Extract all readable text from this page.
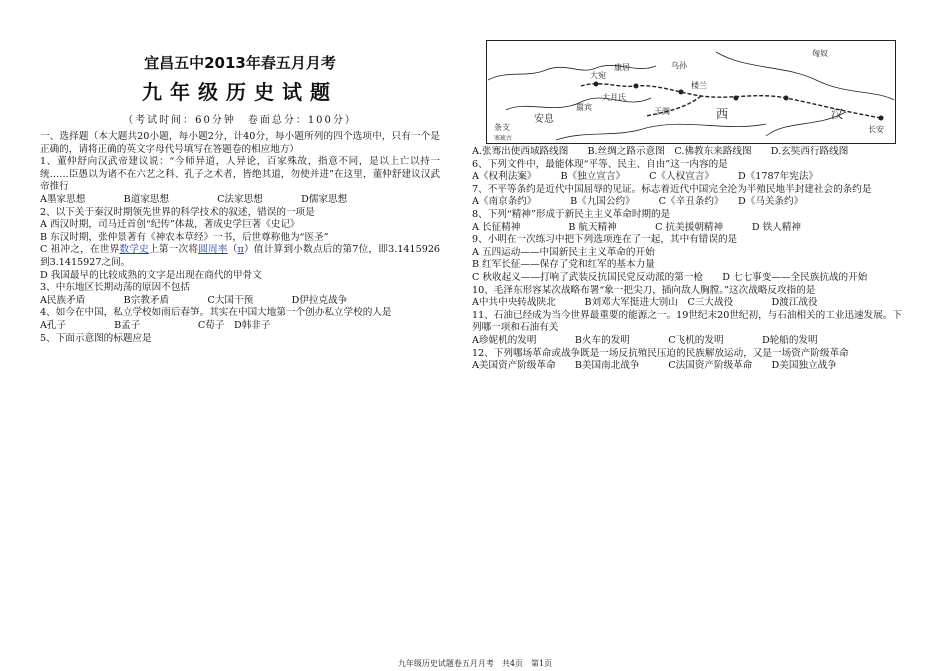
宜昌五中2013年春五月月考
九年级历史试题
（考试时间：60分钟　卷面总分：100分）

一、选择题（本大题共20小题，每小题2分，计40分，每小题所列的四个选项中，只有一个是正确的，请将正确的英文字母代号填写在答题卷的相应地方）

1、董仲舒向汉武帝建议说：“今师异道，人异论，百家殊故，指意不同，是以上亡以持一统……臣愚以为诸不在六艺之科、孔子之术者，皆绝其道，勿使并进”在这里，董仲舒建议汉武帝推行

A墨家思想　　　　B道家思想　　　　　C法家思想　　　　D儒家思想

2、以下关于秦汉时期领先世界的科学技术的叙述，错误的一项是

A 西汉时期，司马迁首创“纪传”体裁，著成史学巨著《史记》

B 东汉时期，张仲景著有《神农本草经》一书，后世尊称他为“医圣”

C 祖冲之，在世界数学史上第一次将圆周率（π）值计算到小数点后的第7位，即3.1415926到3.1415927之间。

D 我国最早的比较成熟的文字是出现在商代的甲骨文

3、中东地区长期动荡的原因不包括

A民族矛盾　　　　B宗教矛盾　　　　C大国干预　　　　D伊拉克战争

4、如今在中国，私立学校如雨后春笋。其实在中国大地第一个创办私立学校的人是

A孔子　　　　　B孟子　　　　　　C荀子　D韩非子

5、下面示意图的标题应是

匈奴
大宛
康居
楼兰
大月氏
乌孙
于阗	西	汉
长安
安息
条支
罽宾
塞琉古

A.张骞出使西域路线图　　B.丝绸之路示意图　C.佛教东来路线图　　D.玄奘西行路线图

6、下列文件中，最能体现“平等、民主、自由”这一内容的是

A《权利法案》　　　B《独立宣言》　　　C《人权宣言》　　　D《1787年宪法》

7、不平等条约是近代中国屈辱的见证。标志着近代中国完全沦为半殖民地半封建社会的条约是

A《南京条约》　　　　B《九国公约》　　　C《辛丑条约》　　D《马关条约》

8、下列“精神”形成于新民主主义革命时期的是

A 长征精神　　　　　B 航天精神　　　　C 抗美援朝精神　　　D 铁人精神

9、小明在一次练习中把下列选项连在了一起，其中有错误的是

A 五四运动——中国新民主主义革命的开始

B 红军长征——保存了党和红军的基本力量

C 秋收起义——打响了武装反抗国民党反动派的第一枪　　D 七七事变——全民族抗战的开始

10、毛泽东形容某次战略布署“象一把尖刀，插向敌人胸膛。”这次战略反攻指的是

A中共中央转战陕北　　　B刘邓大军挺进大别山　C三大战役　　　　D渡江战役

11、石油已经成为当今世界最重要的能源之一。19世纪末20世纪初，与石油相关的工业迅速发展。下列哪一项和石油有关

A珍妮机的发明　　　　B火车的发明　　　　C飞机的发明　　　　D轮船的发明

12、下列哪场革命或战争既是一场反抗殖民压迫的民族解放运动，又是一场资产阶级革命

A美国资产阶级革命　　B美国南北战争　　　C法国资产阶级革命　　D美国独立战争

九年级历史试题卷五月月考　共4页　第1页
